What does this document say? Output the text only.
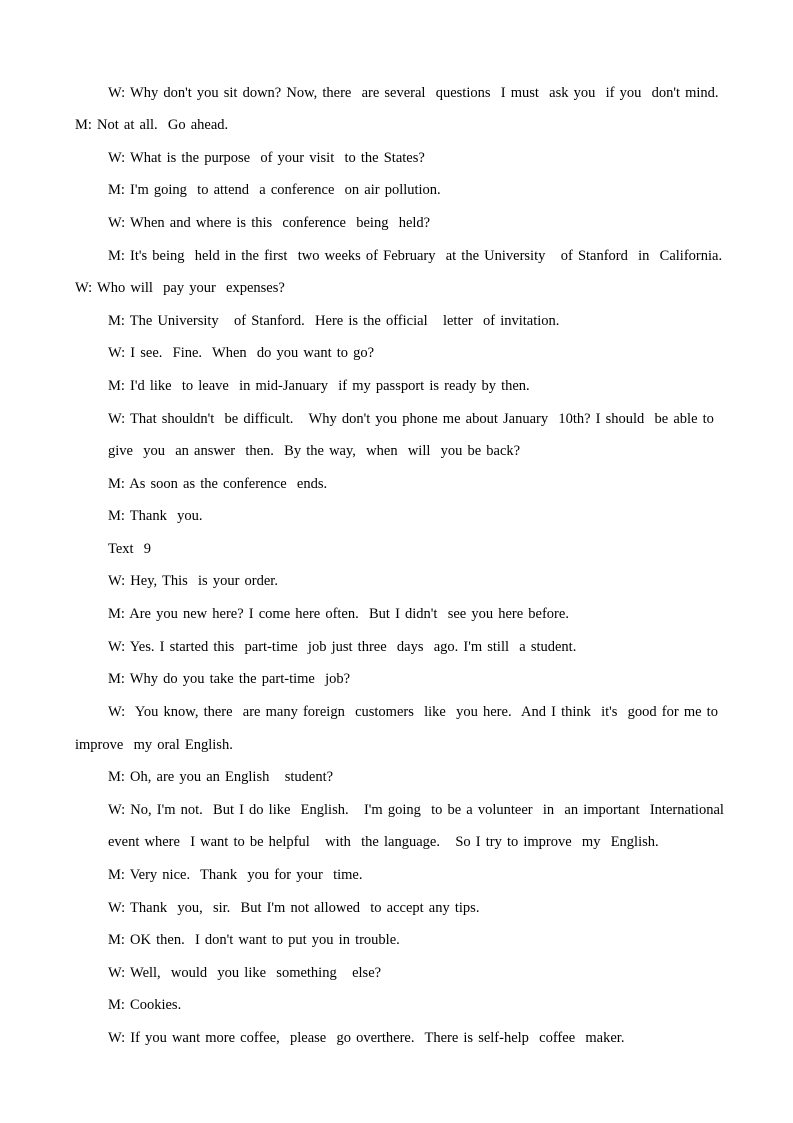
W: Why don't you sit down? Now, there  are several  questions  I must  ask you  if you  don't mind.
M: Not at all.  Go ahead.
W: What is the purpose  of your visit  to the States?
M: I'm going  to attend  a conference  on air pollution.
W: When and where is this  conference  being  held?
M: It's being  held in the first  two weeks of February  at the University   of Stanford  in  California.
W: Who will  pay your  expenses?
M: The University   of Stanford.  Here is the official   letter  of invitation.
W: I see.  Fine.  When  do you want to go?
M: I'd like  to leave  in mid-January  if my passport is ready by then.
W: That shouldn't  be difficult.   Why don't you phone me about January  10th? I should  be able to
give  you  an answer  then.  By the way,  when  will  you be back?
M: As soon as the conference  ends.
M: Thank  you.
Text  9
W: Hey, This  is your order.
M: Are you new here? I come here often.  But I didn't  see you here before.
W: Yes. I started this  part-time  job just three  days  ago. I'm still  a student.
M: Why do you take the part-time  job?
W:  You know, there  are many foreign  customers  like  you here.  And I think  it's  good for me to
improve  my oral English.
M: Oh, are you an English   student?
W: No, I'm not.  But I do like  English.   I'm going  to be a volunteer  in  an important  International
event where  I want to be helpful   with  the language.   So I try to improve  my  English.
M: Very nice.  Thank  you for your  time.
W: Thank  you,  sir.  But I'm not allowed  to accept any tips.
M: OK then.  I don't want to put you in trouble.
W: Well,  would  you like  something   else?
M: Cookies.
W: If you want more coffee,  please  go overthere.  There is self-help  coffee  maker.
